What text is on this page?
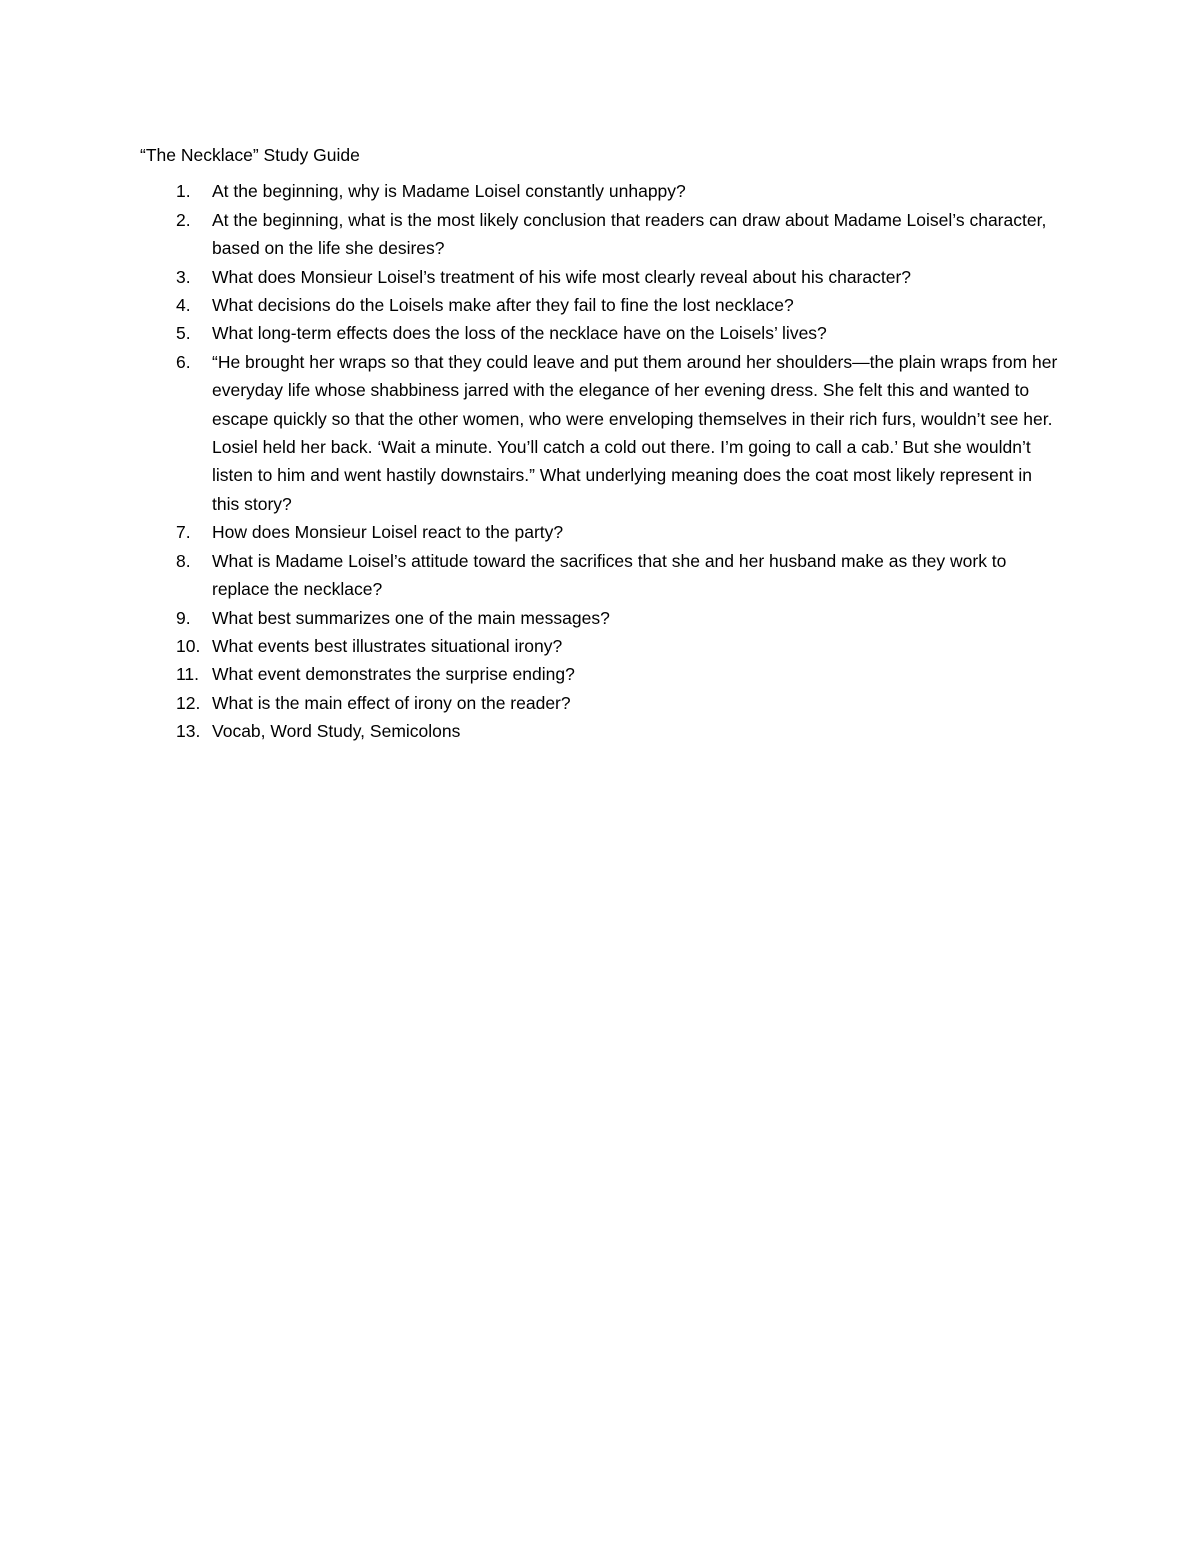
“The Necklace” Study Guide
1.	At the beginning, why is Madame Loisel constantly unhappy?
2.	At the beginning, what is the most likely conclusion that readers can draw about Madame Loisel’s character, based on the life she desires?
3.	What does Monsieur Loisel’s treatment of his wife most clearly reveal about his character?
4.	What decisions do the Loisels make after they fail to fine the lost necklace?
5.	What long-term effects does the loss of the necklace have on the Loisels’ lives?
6.	“He brought her wraps so that they could leave and put them around her shoulders—the plain wraps from her everyday life whose shabbiness jarred with the elegance of her evening dress. She felt this and wanted to escape quickly so that the other women, who were enveloping themselves in their rich furs, wouldn’t see her. Losiel held her back. ‘Wait a minute. You’ll catch a cold out there. I’m going to call a cab.’ But she wouldn’t listen to him and went hastily downstairs.” What underlying meaning does the coat most likely represent in this story?
7.	How does Monsieur Loisel react to the party?
8.	What is Madame Loisel’s attitude toward the sacrifices that she and her husband make as they work to replace the necklace?
9.	What best summarizes one of the main messages?
10. What events best illustrates situational irony?
11. What event demonstrates the surprise ending?
12. What is the main effect of irony on the reader?
13. Vocab, Word Study, Semicolons
